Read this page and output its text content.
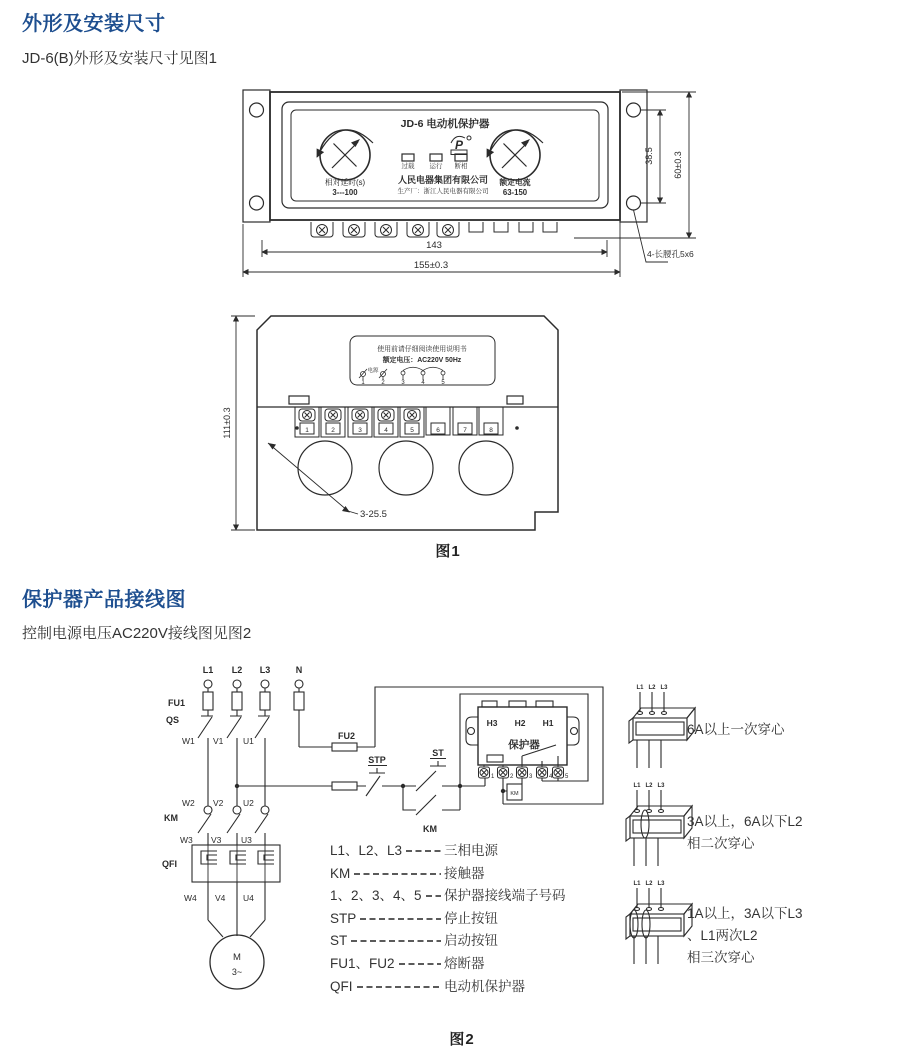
外形及安装尺寸
JD-6(B)外形及安装尺寸见图1
JD-6 电动机保护器
P
过载 运行 断相
人民电器集团有限公司
生产厂：浙江人民电器有限公司
相对延时(s)
3---100
额定电流
63-150
38.5 60±0.3
143
155±0.3
4-长腰孔5x6
使用前请仔细阅读使用说明书
额定电压：AC220V 50Hz
电源
1	2	3	4	5
1	2	3	4	5	6	7	8
3-25.5
111±0.3
图1
保护器产品接线图
控制电源电压AC220V接线图见图2
L1 L2 L3	N
FU1
QS
W1 V1 U1
W2 V2 U2
KM
W3 V3 U3
QFI
W4 V4 U4
M
3~
FU2
STP
ST
KM
H3 H2 H1
保护器
1	2	3	4 5
KM
L1 L2 L3
L1 L2 L3
L1 L2 L3
L1、L2、L3	三相电源
KM	接触器
1、2、3、4、5 保护器接线端子号码
STP	停止按钮
ST	启动按钮
FU1、FU2	熔断器
QFI	电动机保护器
6A以上一次穿心
3A以上，6A以下L2
相二次穿心
1A以上，3A以下L3
、L1两次L2
相三次穿心
图2
